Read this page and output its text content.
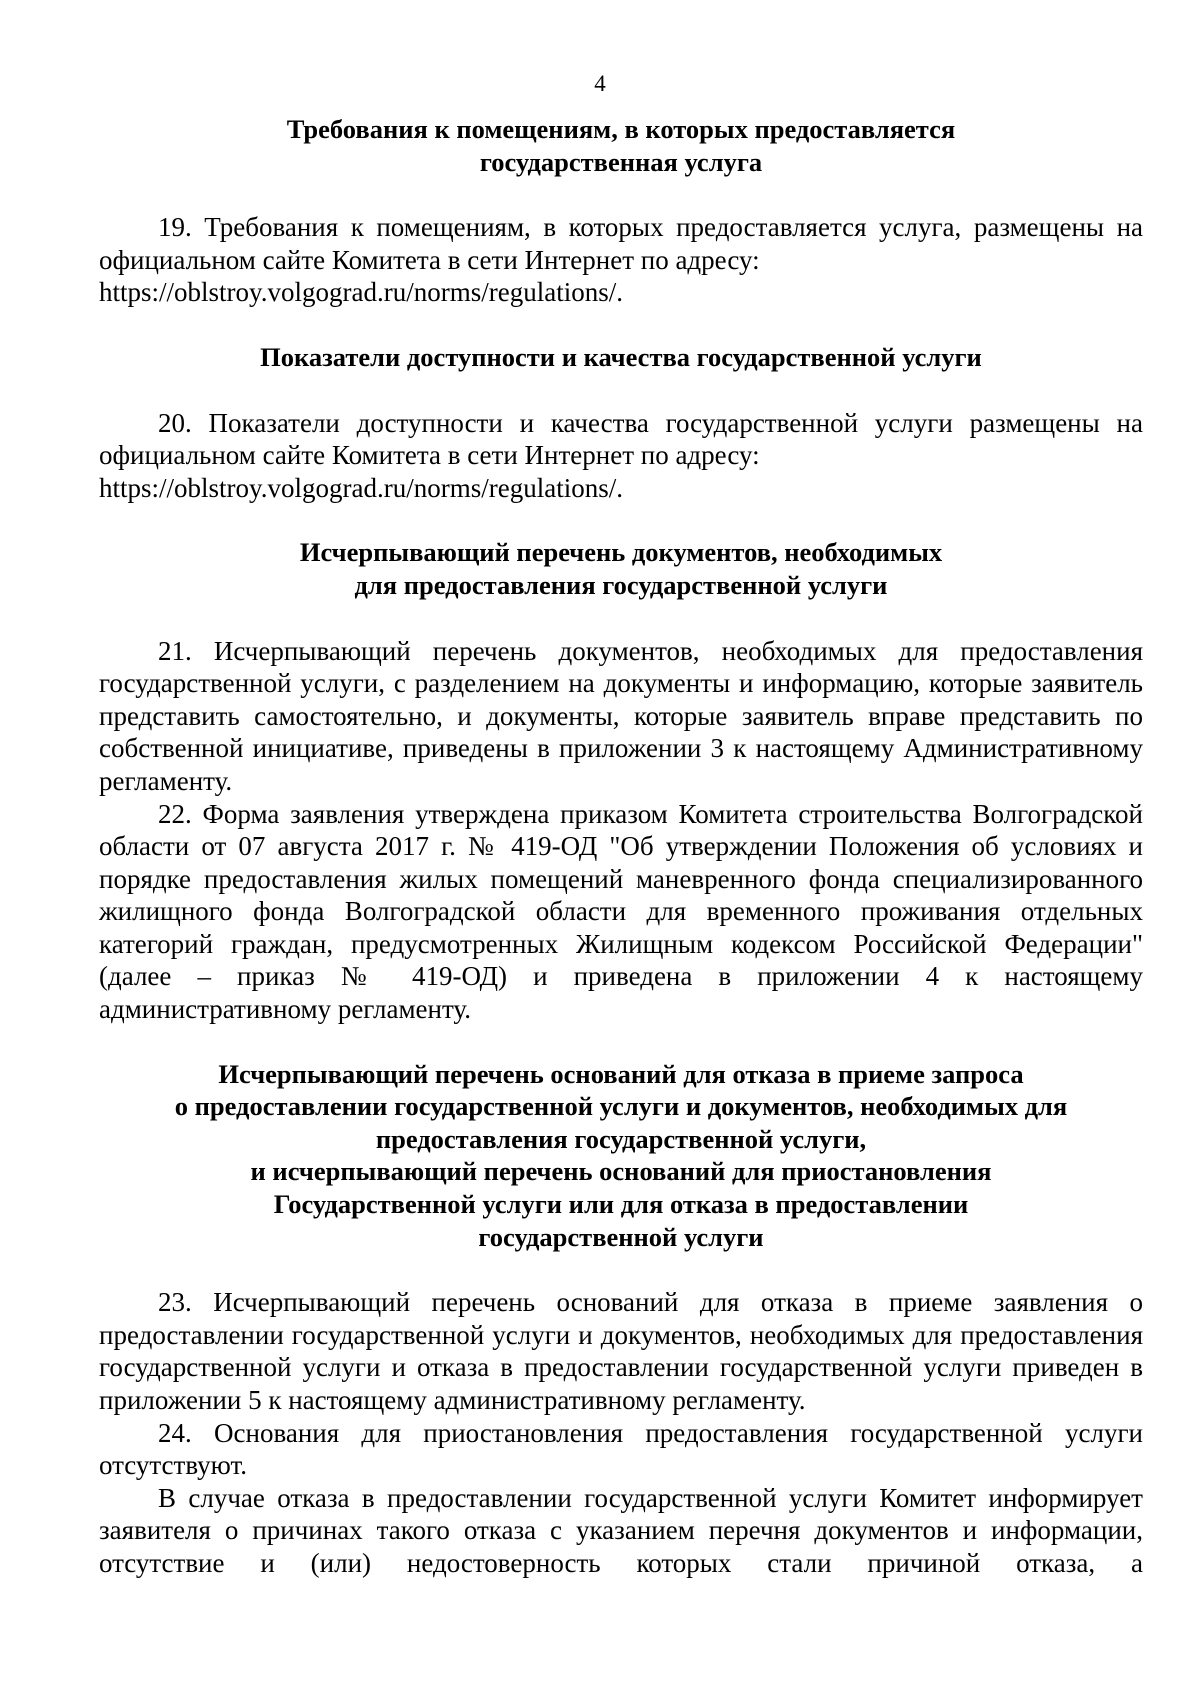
4
Требования к помещениям, в которых предоставляется
государственная услуга

19. Требования к помещениям, в которых предоставляется услуга, размещены на официальном сайте Комитета в сети Интернет по адресу:
https://oblstroy.volgograd.ru/norms/regulations/.

Показатели доступности и качества государственной услуги

20. Показатели доступности и качества государственной услуги размещены на официальном сайте Комитета в сети Интернет по адресу:
https://oblstroy.volgograd.ru/norms/regulations/.

Исчерпывающий перечень документов, необходимых
для предоставления государственной услуги

21. Исчерпывающий перечень документов, необходимых для предоставления государственной услуги, с разделением на документы и информацию, которые заявитель представить самостоятельно, и документы, которые заявитель вправе представить по собственной инициативе, приведены в приложении 3 к настоящему Административному регламенту.

22. Форма заявления утверждена приказом Комитета строительства Волгоградской области от 07 августа 2017 г. № 419-ОД "Об утверждении Положения об условиях и порядке предоставления жилых помещений маневренного фонда специализированного жилищного фонда Волгоградской области для временного проживания отдельных категорий граждан, предусмотренных Жилищным кодексом Российской Федерации" (далее – приказ № 419-ОД) и приведена в приложении 4 к настоящему административному регламенту.

Исчерпывающий перечень оснований для отказа в приеме запроса
о предоставлении государственной услуги и документов, необходимых для
предоставления государственной услуги,
и исчерпывающий перечень оснований для приостановления
Государственной услуги или для отказа в предоставлении
государственной услуги

23. Исчерпывающий перечень оснований для отказа в приеме заявления о предоставлении государственной услуги и документов, необходимых для предоставления государственной услуги и отказа в предоставлении государственной услуги приведен в приложении 5 к настоящему административному регламенту.

24. Основания для приостановления предоставления государственной услуги отсутствуют.

В случае отказа в предоставлении государственной услуги Комитет информирует заявителя о причинах такого отказа с указанием перечня документов и информации, отсутствие и (или) недостоверность которых стали причиной отказа, а
